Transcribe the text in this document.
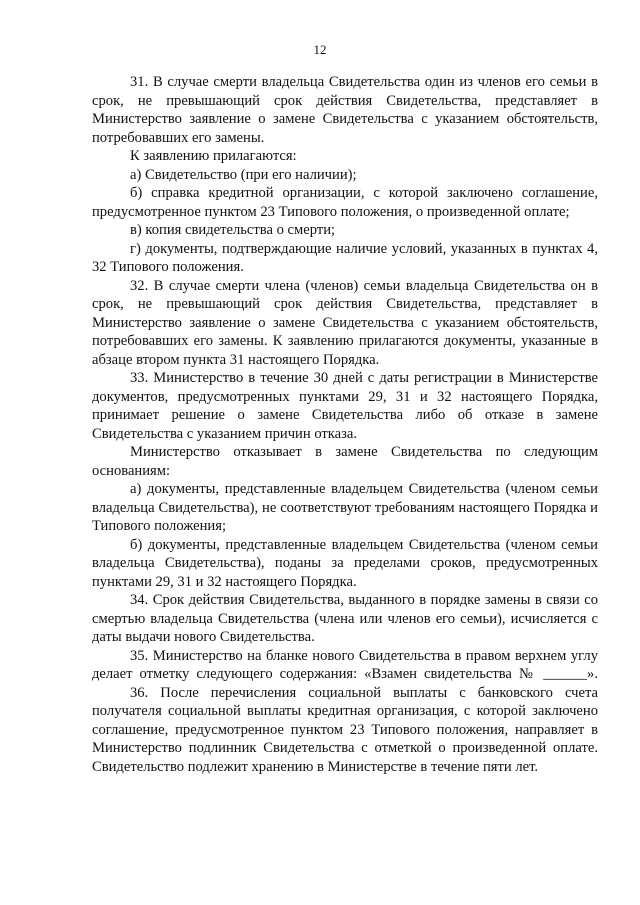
12

31. В случае смерти владельца Свидетельства один из членов его семьи в срок, не превышающий срок действия Свидетельства, представляет в Министерство заявление о замене Свидетельства с указанием обстоятельств, потребовавших его замены.

К заявлению прилагаются:

а) Свидетельство (при его наличии);

б) справка кредитной организации, с которой заключено соглашение, предусмотренное пунктом 23 Типового положения, о произведенной оплате;

в) копия свидетельства о смерти;

г) документы, подтверждающие наличие условий, указанных в пунктах 4, 32 Типового положения.

32. В случае смерти члена (членов) семьи владельца Свидетельства он в срок, не превышающий срок действия Свидетельства, представляет в Министерство заявление о замене Свидетельства с указанием обстоятельств, потребовавших его замены. К заявлению прилагаются документы, указанные в абзаце втором пункта 31 настоящего Порядка.

33. Министерство в течение 30 дней с даты регистрации в Министерстве документов, предусмотренных пунктами 29, 31 и 32 настоящего Порядка, принимает решение о замене Свидетельства либо об отказе в замене Свидетельства с указанием причин отказа.

Министерство отказывает в замене Свидетельства по следующим основаниям:

а) документы, представленные владельцем Свидетельства (членом семьи владельца Свидетельства), не соответствуют требованиям настоящего Порядка и Типового положения;

б) документы, представленные владельцем Свидетельства (членом семьи владельца Свидетельства), поданы за пределами сроков, предусмотренных пунктами 29, 31 и 32 настоящего Порядка.

34. Срок действия Свидетельства, выданного в порядке замены в связи со смертью владельца Свидетельства (члена или членов его семьи), исчисляется с даты выдачи нового Свидетельства.

35. Министерство на бланке нового Свидетельства в правом верхнем углу делает отметку следующего содержания: «Взамен свидетельства № ______».

36. После перечисления социальной выплаты с банковского счета получателя социальной выплаты кредитная организация, с которой заключено соглашение, предусмотренное пунктом 23 Типового положения, направляет в Министерство подлинник Свидетельства с отметкой о произведенной оплате. Свидетельство подлежит хранению в Министерстве в течение пяти лет.
